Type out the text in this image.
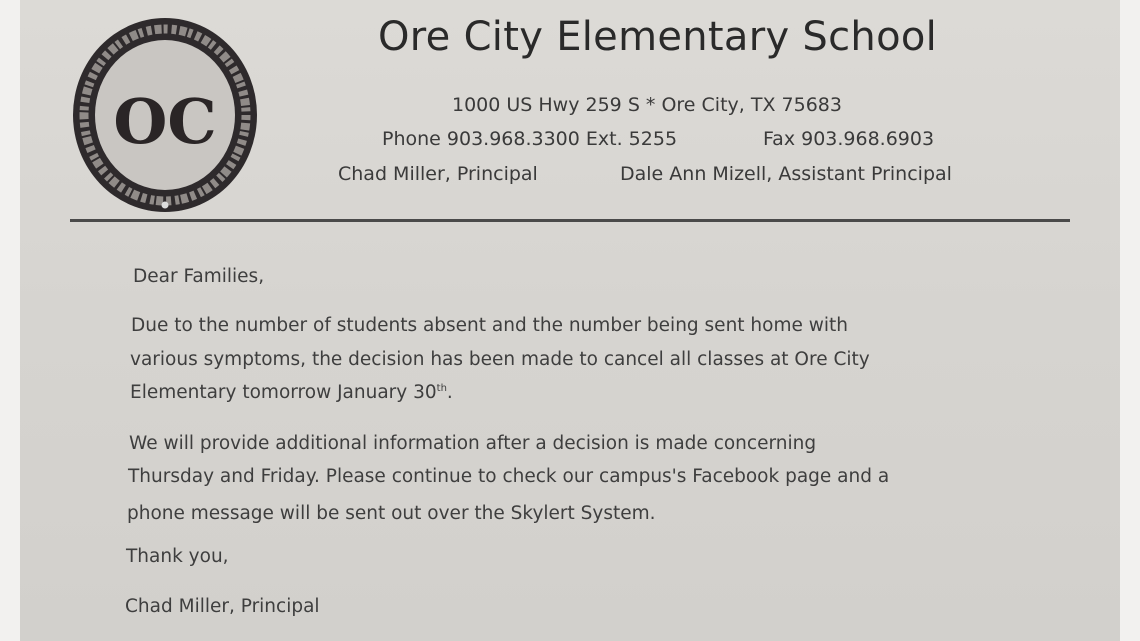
OC
Ore City Elementary School
1000 US Hwy 259 S * Ore City, TX 75683
Phone 903.968.3300 Ext. 5255	Fax 903.968.6903
Chad Miller, Principal	Dale Ann Mizell, Assistant Principal
Dear Families,
Due to the number of students absent and the number being sent home with
various symptoms, the decision has been made to cancel all classes at Ore City
Elementary tomorrow January 30th.
We will provide additional information after a decision is made concerning
Thursday and Friday. Please continue to check our campus's Facebook page and a
phone message will be sent out over the Skylert System.
Thank you,
Chad Miller, Principal
